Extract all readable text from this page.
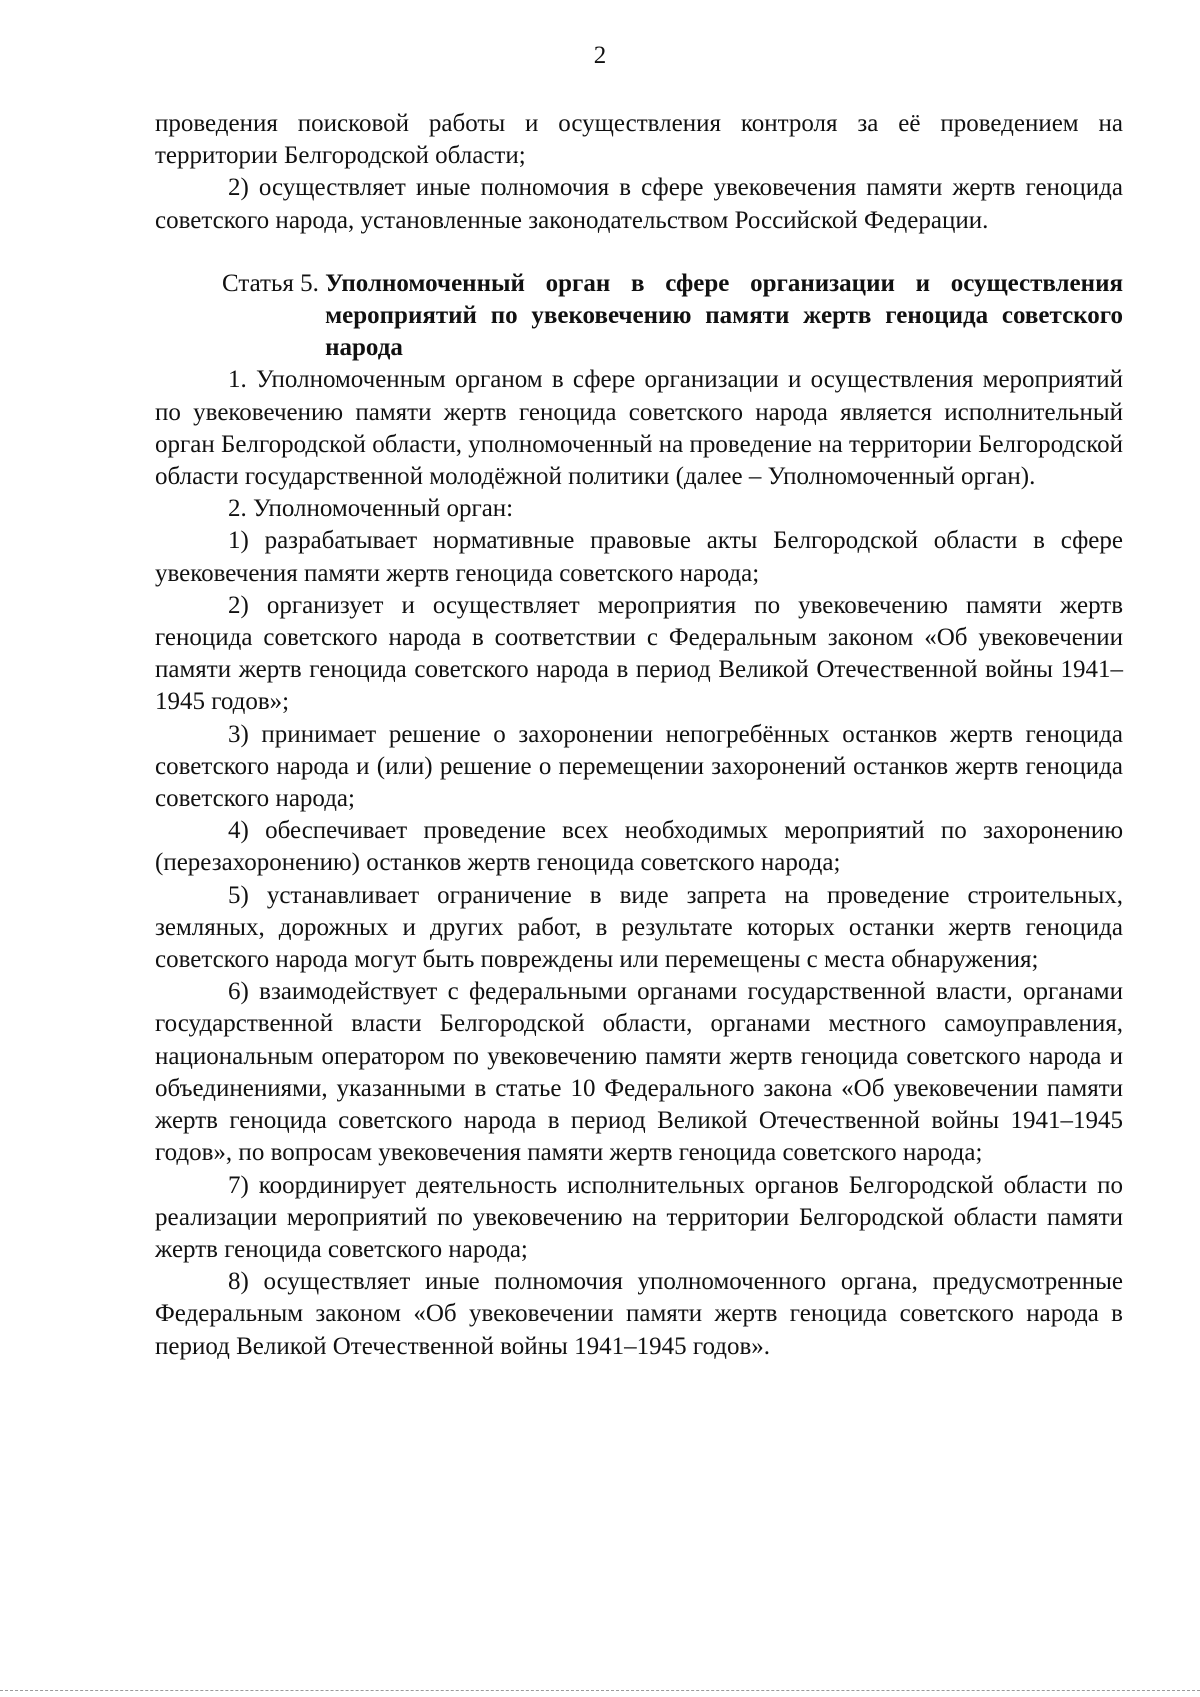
2

проведения поисковой работы и осуществления контроля за её проведением на территории Белгородской области;

2) осуществляет иные полномочия в сфере увековечения памяти жертв геноцида советского народа, установленные законодательством Российской Федерации.

Статья 5. Уполномоченный орган в сфере организации и осуществления мероприятий по увековечению памяти жертв геноцида советского народа

1. Уполномоченным органом в сфере организации и осуществления мероприятий по увековечению памяти жертв геноцида советского народа является исполнительный орган Белгородской области, уполномоченный на проведение на территории Белгородской области государственной молодёжной политики (далее – Уполномоченный орган).

2. Уполномоченный орган:

1) разрабатывает нормативные правовые акты Белгородской области в сфере увековечения памяти жертв геноцида советского народа;

2) организует и осуществляет мероприятия по увековечению памяти жертв геноцида советского народа в соответствии с Федеральным законом «Об увековечении памяти жертв геноцида советского народа в период Великой Отечественной войны 1941–1945 годов»;

3) принимает решение о захоронении непогребённых останков жертв геноцида советского народа и (или) решение о перемещении захоронений останков жертв геноцида советского народа;

4) обеспечивает проведение всех необходимых мероприятий по захоронению (перезахоронению) останков жертв геноцида советского народа;

5) устанавливает ограничение в виде запрета на проведение строительных, земляных, дорожных и других работ, в результате которых останки жертв геноцида советского народа могут быть повреждены или перемещены с места обнаружения;

6) взаимодействует с федеральными органами государственной власти, органами государственной власти Белгородской области, органами местного самоуправления, национальным оператором по увековечению памяти жертв геноцида советского народа и объединениями, указанными в статье 10 Федерального закона «Об увековечении памяти жертв геноцида советского народа в период Великой Отечественной войны 1941–1945 годов», по вопросам увековечения памяти жертв геноцида советского народа;

7) координирует деятельность исполнительных органов Белгородской области по реализации мероприятий по увековечению на территории Белгородской области памяти жертв геноцида советского народа;

8) осуществляет иные полномочия уполномоченного органа, предусмотренные Федеральным законом «Об увековечении памяти жертв геноцида советского народа в период Великой Отечественной войны 1941–1945 годов».
